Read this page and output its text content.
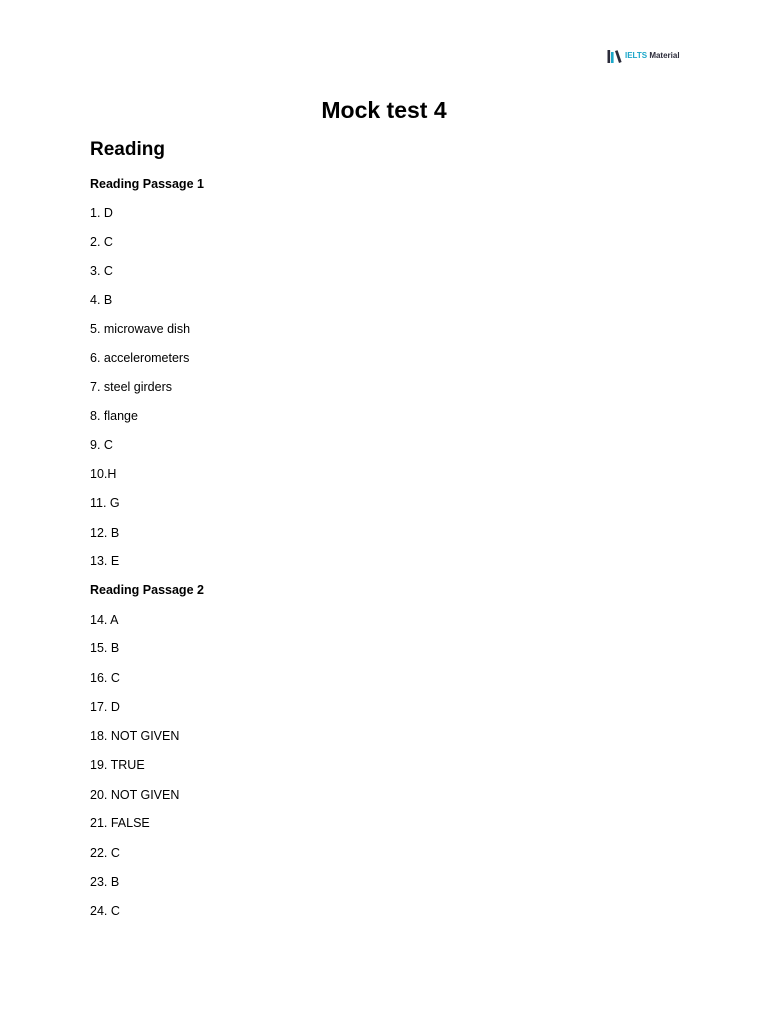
IELTS Material
Mock test 4
Reading
Reading Passage 1
1. D
2. C
3. C
4. B
5. microwave dish
6. accelerometers
7. steel girders
8. flange
9. C
10.H
11. G
12. B
13. E
Reading Passage 2
14. A
15. B
16. C
17. D
18. NOT GIVEN
19. TRUE
20. NOT GIVEN
21. FALSE
22. C
23. B
24. C
